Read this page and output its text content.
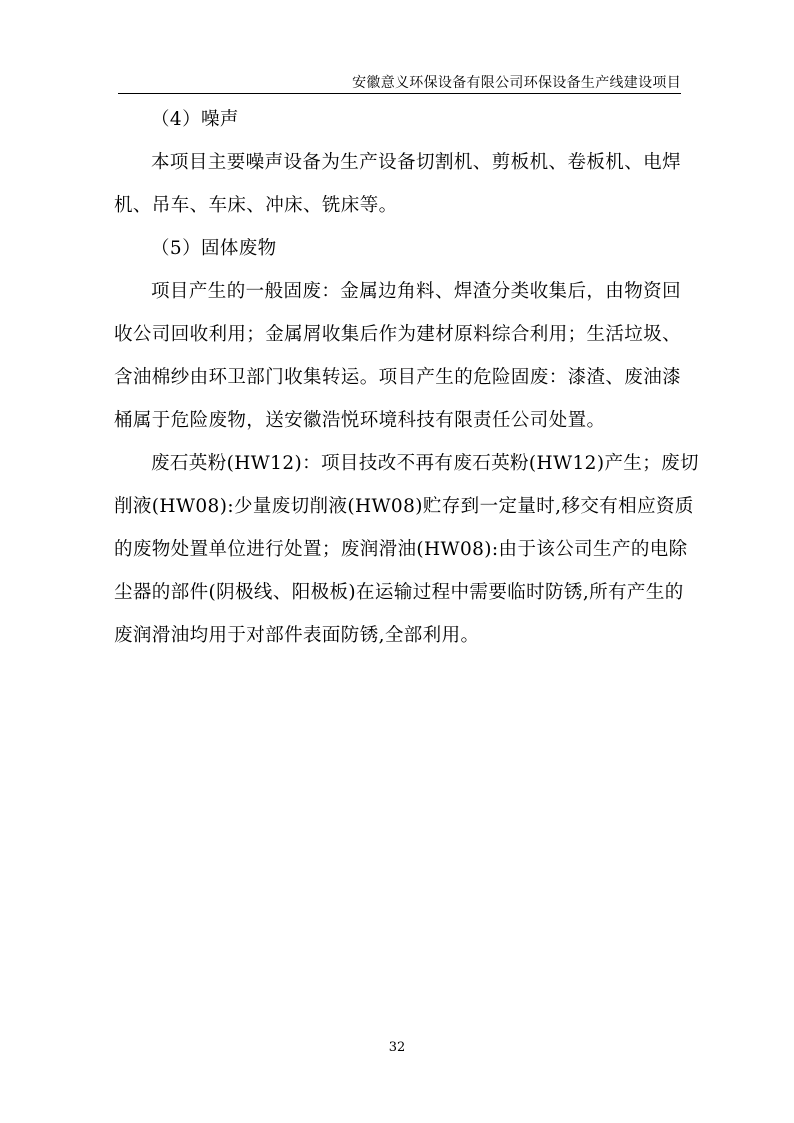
安徽意义环保设备有限公司环保设备生产线建设项目
（4）噪声
本项目主要噪声设备为生产设备切割机、剪板机、卷板机、电焊
机、吊车、车床、冲床、铣床等。
（5）固体废物
项目产生的一般固废：金属边角料、焊渣分类收集后，由物资回
收公司回收利用；金属屑收集后作为建材原料综合利用；生活垃圾、
含油棉纱由环卫部门收集转运。项目产生的危险固废：漆渣、废油漆
桶属于危险废物，送安徽浩悦环境科技有限责任公司处置。
废石英粉(HW12)：项目技改不再有废石英粉(HW12)产生；废切
削液(HW08):少量废切削液(HW08)贮存到一定量时,移交有相应资质
的废物处置单位进行处置；废润滑油(HW08):由于该公司生产的电除
尘器的部件(阴极线、阳极板)在运输过程中需要临时防锈,所有产生的
废润滑油均用于对部件表面防锈,全部利用。
32
